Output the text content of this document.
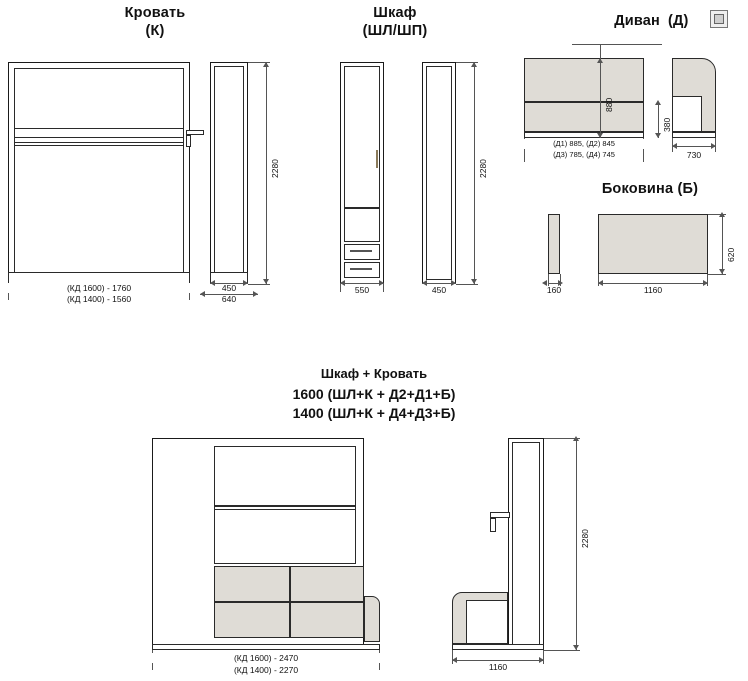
Кровать
(К)
Шкаф
(ШЛ/ШП)
Диван (Д)
Боковина (Б)
2280
(КД 1600) - 1760
(КД 1400) - 1560
450
640
2280
550	450
880
380
(Д1) 885, (Д2) 845
(Д3) 785, (Д4) 745	730
160	1160
620
Шкаф + Кровать
1600 (ШЛ+К + Д2+Д1+Б)
1400 (ШЛ+К + Д4+Д3+Б)
2280
(КД 1600) - 2470
(КД 1400) - 2270	1160
